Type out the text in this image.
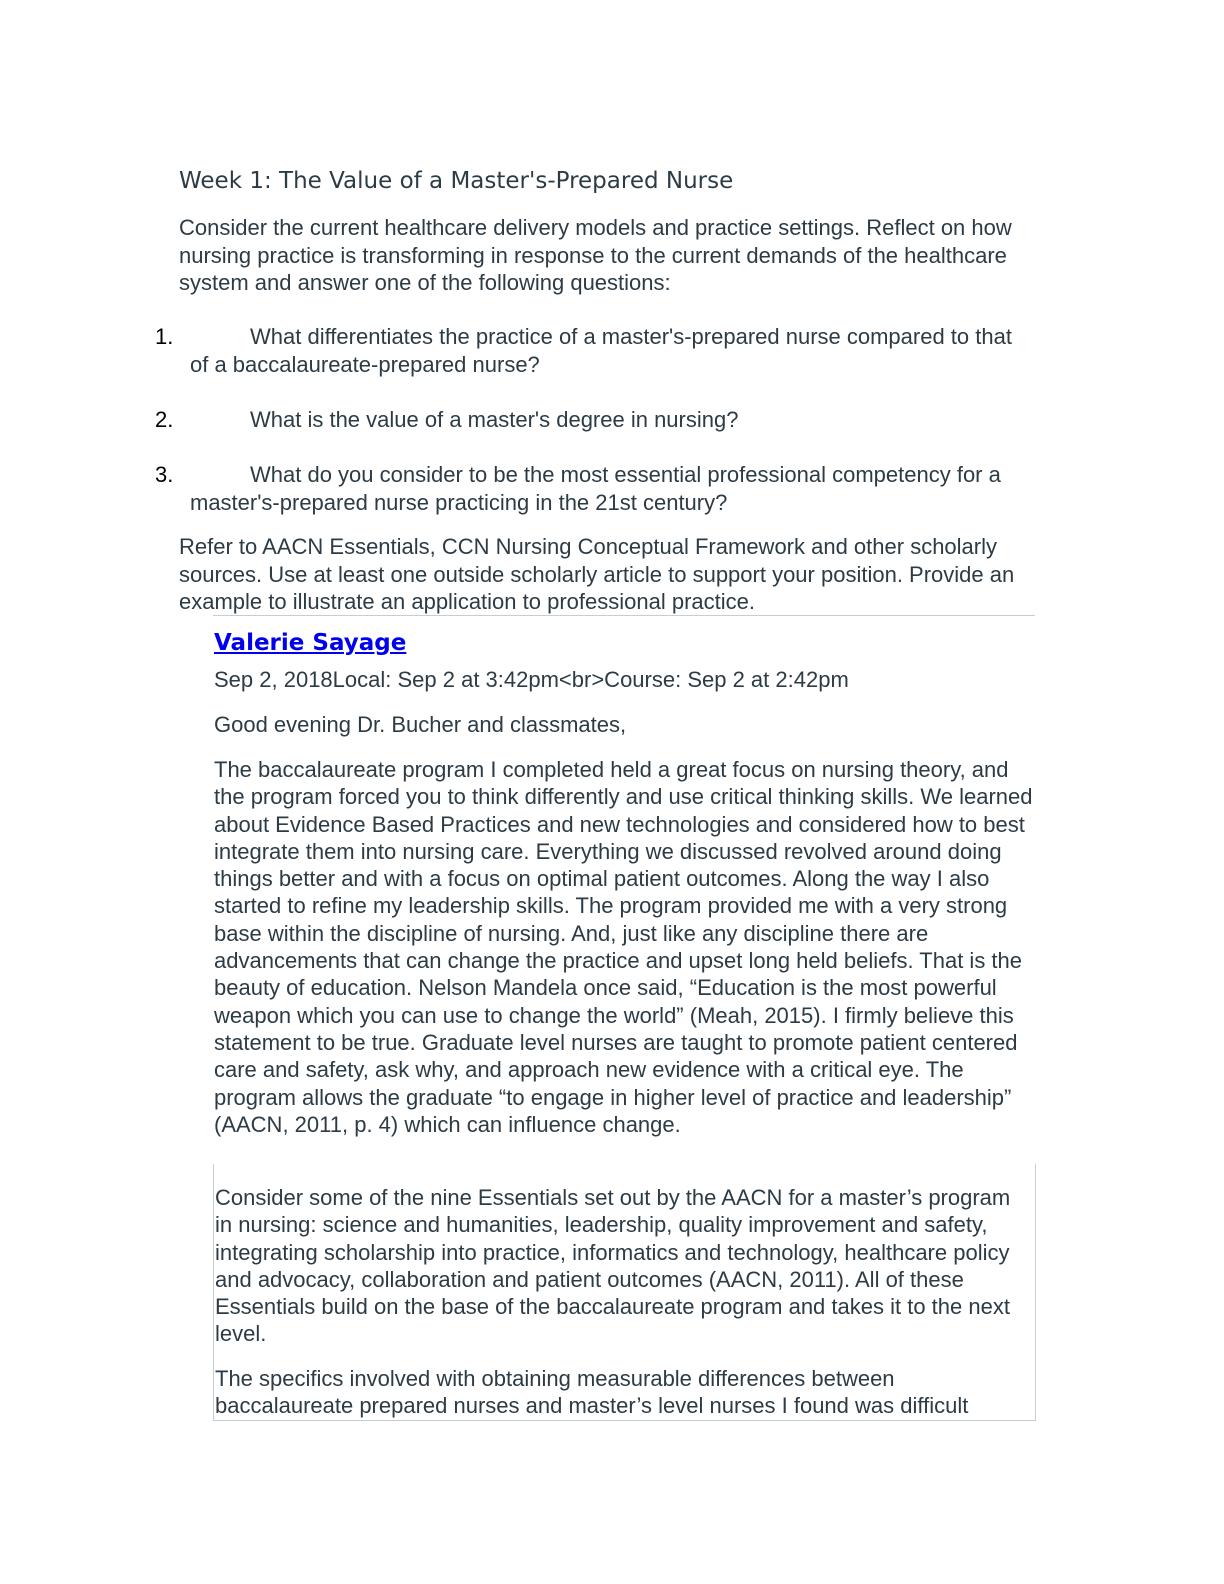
Week 1: The Value of a Master's-Prepared Nurse

Consider the current healthcare delivery models and practice settings. Reflect on how nursing practice is transforming in response to the current demands of the healthcare system and answer one of the following questions:

1.	What differentiates the practice of a master's-prepared nurse compared to that of a baccalaureate-prepared nurse?
2.	What is the value of a master's degree in nursing?
3.	What do you consider to be the most essential professional competency for a master's-prepared nurse practicing in the 21st century?

Refer to AACN Essentials, CCN Nursing Conceptual Framework and other scholarly sources. Use at least one outside scholarly article to support your position. Provide an example to illustrate an application to professional practice.

Valerie Sayage
Sep 2, 2018Local: Sep 2 at 3:42pm<br>Course: Sep 2 at 2:42pm
Good evening Dr. Bucher and classmates,

The baccalaureate program I completed held a great focus on nursing theory, and the program forced you to think differently and use critical thinking skills. We learned about Evidence Based Practices and new technologies and considered how to best integrate them into nursing care. Everything we discussed revolved around doing things better and with a focus on optimal patient outcomes. Along the way I also started to refine my leadership skills. The program provided me with a very strong base within the discipline of nursing. And, just like any discipline there are advancements that can change the practice and upset long held beliefs. That is the beauty of education. Nelson Mandela once said, “Education is the most powerful weapon which you can use to change the world” (Meah, 2015). I firmly believe this statement to be true. Graduate level nurses are taught to promote patient centered care and safety, ask why, and approach new evidence with a critical eye. The program allows the graduate “to engage in higher level of practice and leadership” (AACN, 2011, p. 4) which can influence change.

Consider some of the nine Essentials set out by the AACN for a master’s program in nursing: science and humanities, leadership, quality improvement and safety, integrating scholarship into practice, informatics and technology, healthcare policy and advocacy, collaboration and patient outcomes (AACN, 2011). All of these Essentials build on the base of the baccalaureate program and takes it to the next level.

The specifics involved with obtaining measurable differences between baccalaureate prepared nurses and master’s level nurses I found was difficult
